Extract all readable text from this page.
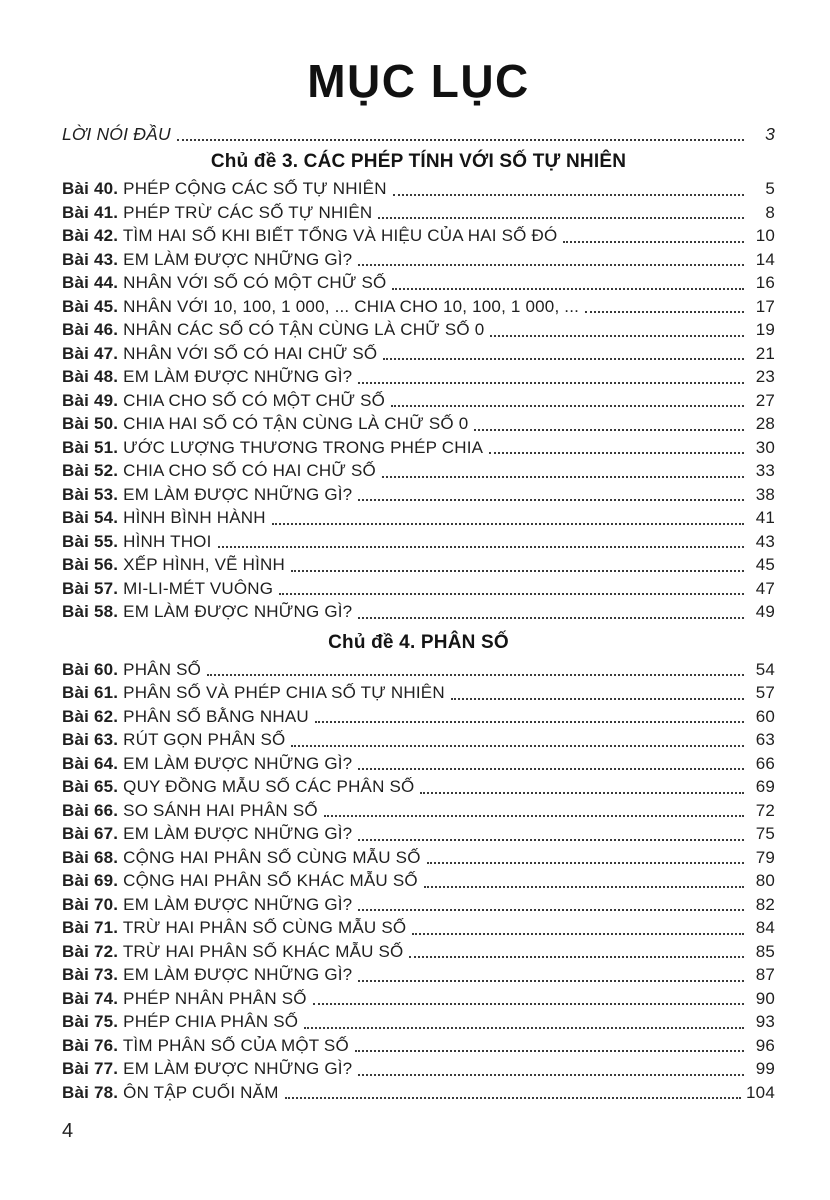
MỤC LỤC
LỜI NÓI ĐẦU	3
Chủ đề 3. CÁC PHÉP TÍNH VỚI SỐ TỰ NHIÊN
Bài 40. PHÉP CỘNG CÁC SỐ TỰ NHIÊN	5
Bài 41. PHÉP TRỪ CÁC SỐ TỰ NHIÊN	8
Bài 42. TÌM HAI SỐ KHI BIẾT TỔNG VÀ HIỆU CỦA HAI SỐ ĐÓ	10
Bài 43. EM LÀM ĐƯỢC NHỮNG GÌ?	14
Bài 44. NHÂN VỚI SỐ CÓ MỘT CHỮ SỐ	16
Bài 45. NHÂN VỚI 10, 100, 1 000, ... CHIA CHO 10, 100, 1 000, ...	17
Bài 46. NHÂN CÁC SỐ CÓ TẬN CÙNG LÀ CHỮ SỐ 0	19
Bài 47. NHÂN VỚI SỐ CÓ HAI CHỮ SỐ	21
Bài 48. EM LÀM ĐƯỢC NHỮNG GÌ?	23
Bài 49. CHIA CHO SỐ CÓ MỘT CHỮ SỐ	27
Bài 50. CHIA HAI SỐ CÓ TẬN CÙNG LÀ CHỮ SỐ 0	28
Bài 51. ƯỚC LƯỢNG THƯƠNG TRONG PHÉP CHIA	30
Bài 52. CHIA CHO SỐ CÓ HAI CHỮ SỐ	33
Bài 53. EM LÀM ĐƯỢC NHỮNG GÌ?	38
Bài 54. HÌNH BÌNH HÀNH	41
Bài 55. HÌNH THOI	43
Bài 56. XẾP HÌNH, VẼ HÌNH	45
Bài 57. MI-LI-MÉT VUÔNG	47
Bài 58. EM LÀM ĐƯỢC NHỮNG GÌ?	49
Chủ đề 4. PHÂN SỐ
Bài 60. PHÂN SỐ	54
Bài 61. PHÂN SỐ VÀ PHÉP CHIA SỐ TỰ NHIÊN	57
Bài 62. PHÂN SỐ BẰNG NHAU	60
Bài 63. RÚT GỌN PHÂN SỐ	63
Bài 64. EM LÀM ĐƯỢC NHỮNG GÌ?	66
Bài 65. QUY ĐỒNG MẪU SỐ CÁC PHÂN SỐ	69
Bài 66. SO SÁNH HAI PHÂN SỐ	72
Bài 67. EM LÀM ĐƯỢC NHỮNG GÌ?	75
Bài 68. CỘNG HAI PHÂN SỐ CÙNG MẪU SỐ	79
Bài 69. CỘNG HAI PHÂN SỐ KHÁC MẪU SỐ	80
Bài 70. EM LÀM ĐƯỢC NHỮNG GÌ?	82
Bài 71. TRỪ HAI PHÂN SỐ CÙNG MẪU SỐ	84
Bài 72. TRỪ HAI PHÂN SỐ KHÁC MẪU SỐ	85
Bài 73. EM LÀM ĐƯỢC NHỮNG GÌ?	87
Bài 74. PHÉP NHÂN PHÂN SỐ	90
Bài 75. PHÉP CHIA PHÂN SỐ	93
Bài 76. TÌM PHÂN SỐ CỦA MỘT SỐ	96
Bài 77. EM LÀM ĐƯỢC NHỮNG GÌ?	99
Bài 78. ÔN TẬP CUỐI NĂM	104
4
